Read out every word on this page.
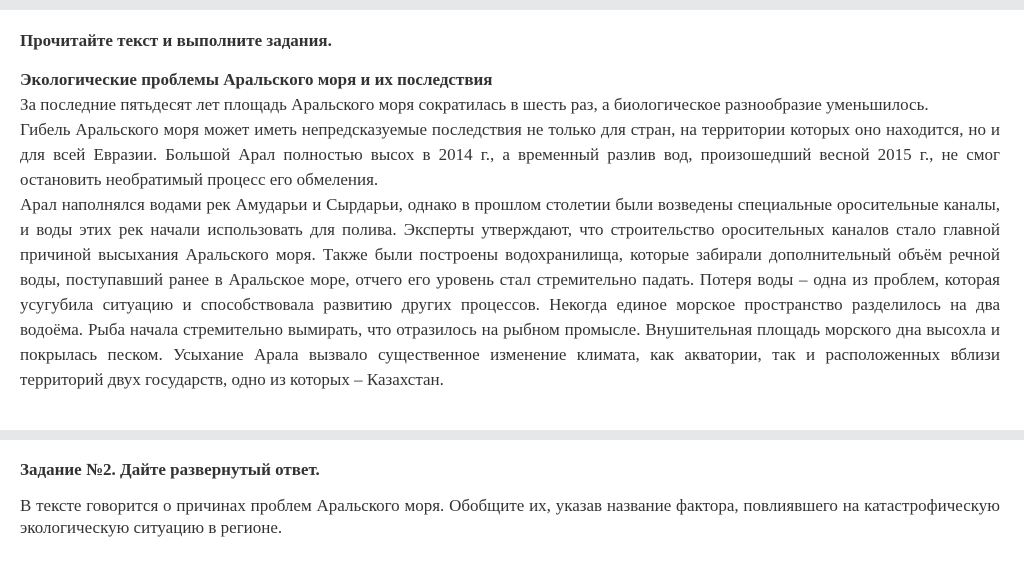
Прочитайте текст и выполните задания.

Экологические проблемы Аральского моря и их последствия

За последние пятьдесят лет площадь Аральского моря сократилась в шесть раз, а биологическое разнообразие уменьшилось.

Гибель Аральского моря может иметь непредсказуемые последствия не только для стран, на территории которых оно находится, но и для всей Евразии. Большой Арал полностью высох в 2014 г., а временный разлив вод, произошедший весной 2015 г., не смог остановить необратимый процесс его обмеления.

Арал наполнялся водами рек Амударьи и Сырдарьи, однако в прошлом столетии были возведены специальные оросительные каналы, и воды этих рек начали использовать для полива. Эксперты утверждают, что строительство оросительных каналов стало главной причиной высыхания Аральского моря. Также были построены водохранилища, которые забирали дополнительный объём речной воды, поступавший ранее в Аральское море, отчего его уровень стал стремительно падать. Потеря воды – одна из проблем, которая усугубила ситуацию и способствовала развитию других процессов. Некогда единое морское пространство разделилось на два водоёма. Рыба начала стремительно вымирать, что отразилось на рыбном промысле. Внушительная площадь морского дна высохла и покрылась песком. Усыхание Арала вызвало существенное изменение климата, как акватории, так и расположенных вблизи территорий двух государств, одно из которых – Казахстан.

Задание №2. Дайте развернутый ответ.

В тексте говорится о причинах проблем Аральского моря. Обобщите их, указав название фактора, повлиявшего на катастрофическую экологическую ситуацию в регионе.
